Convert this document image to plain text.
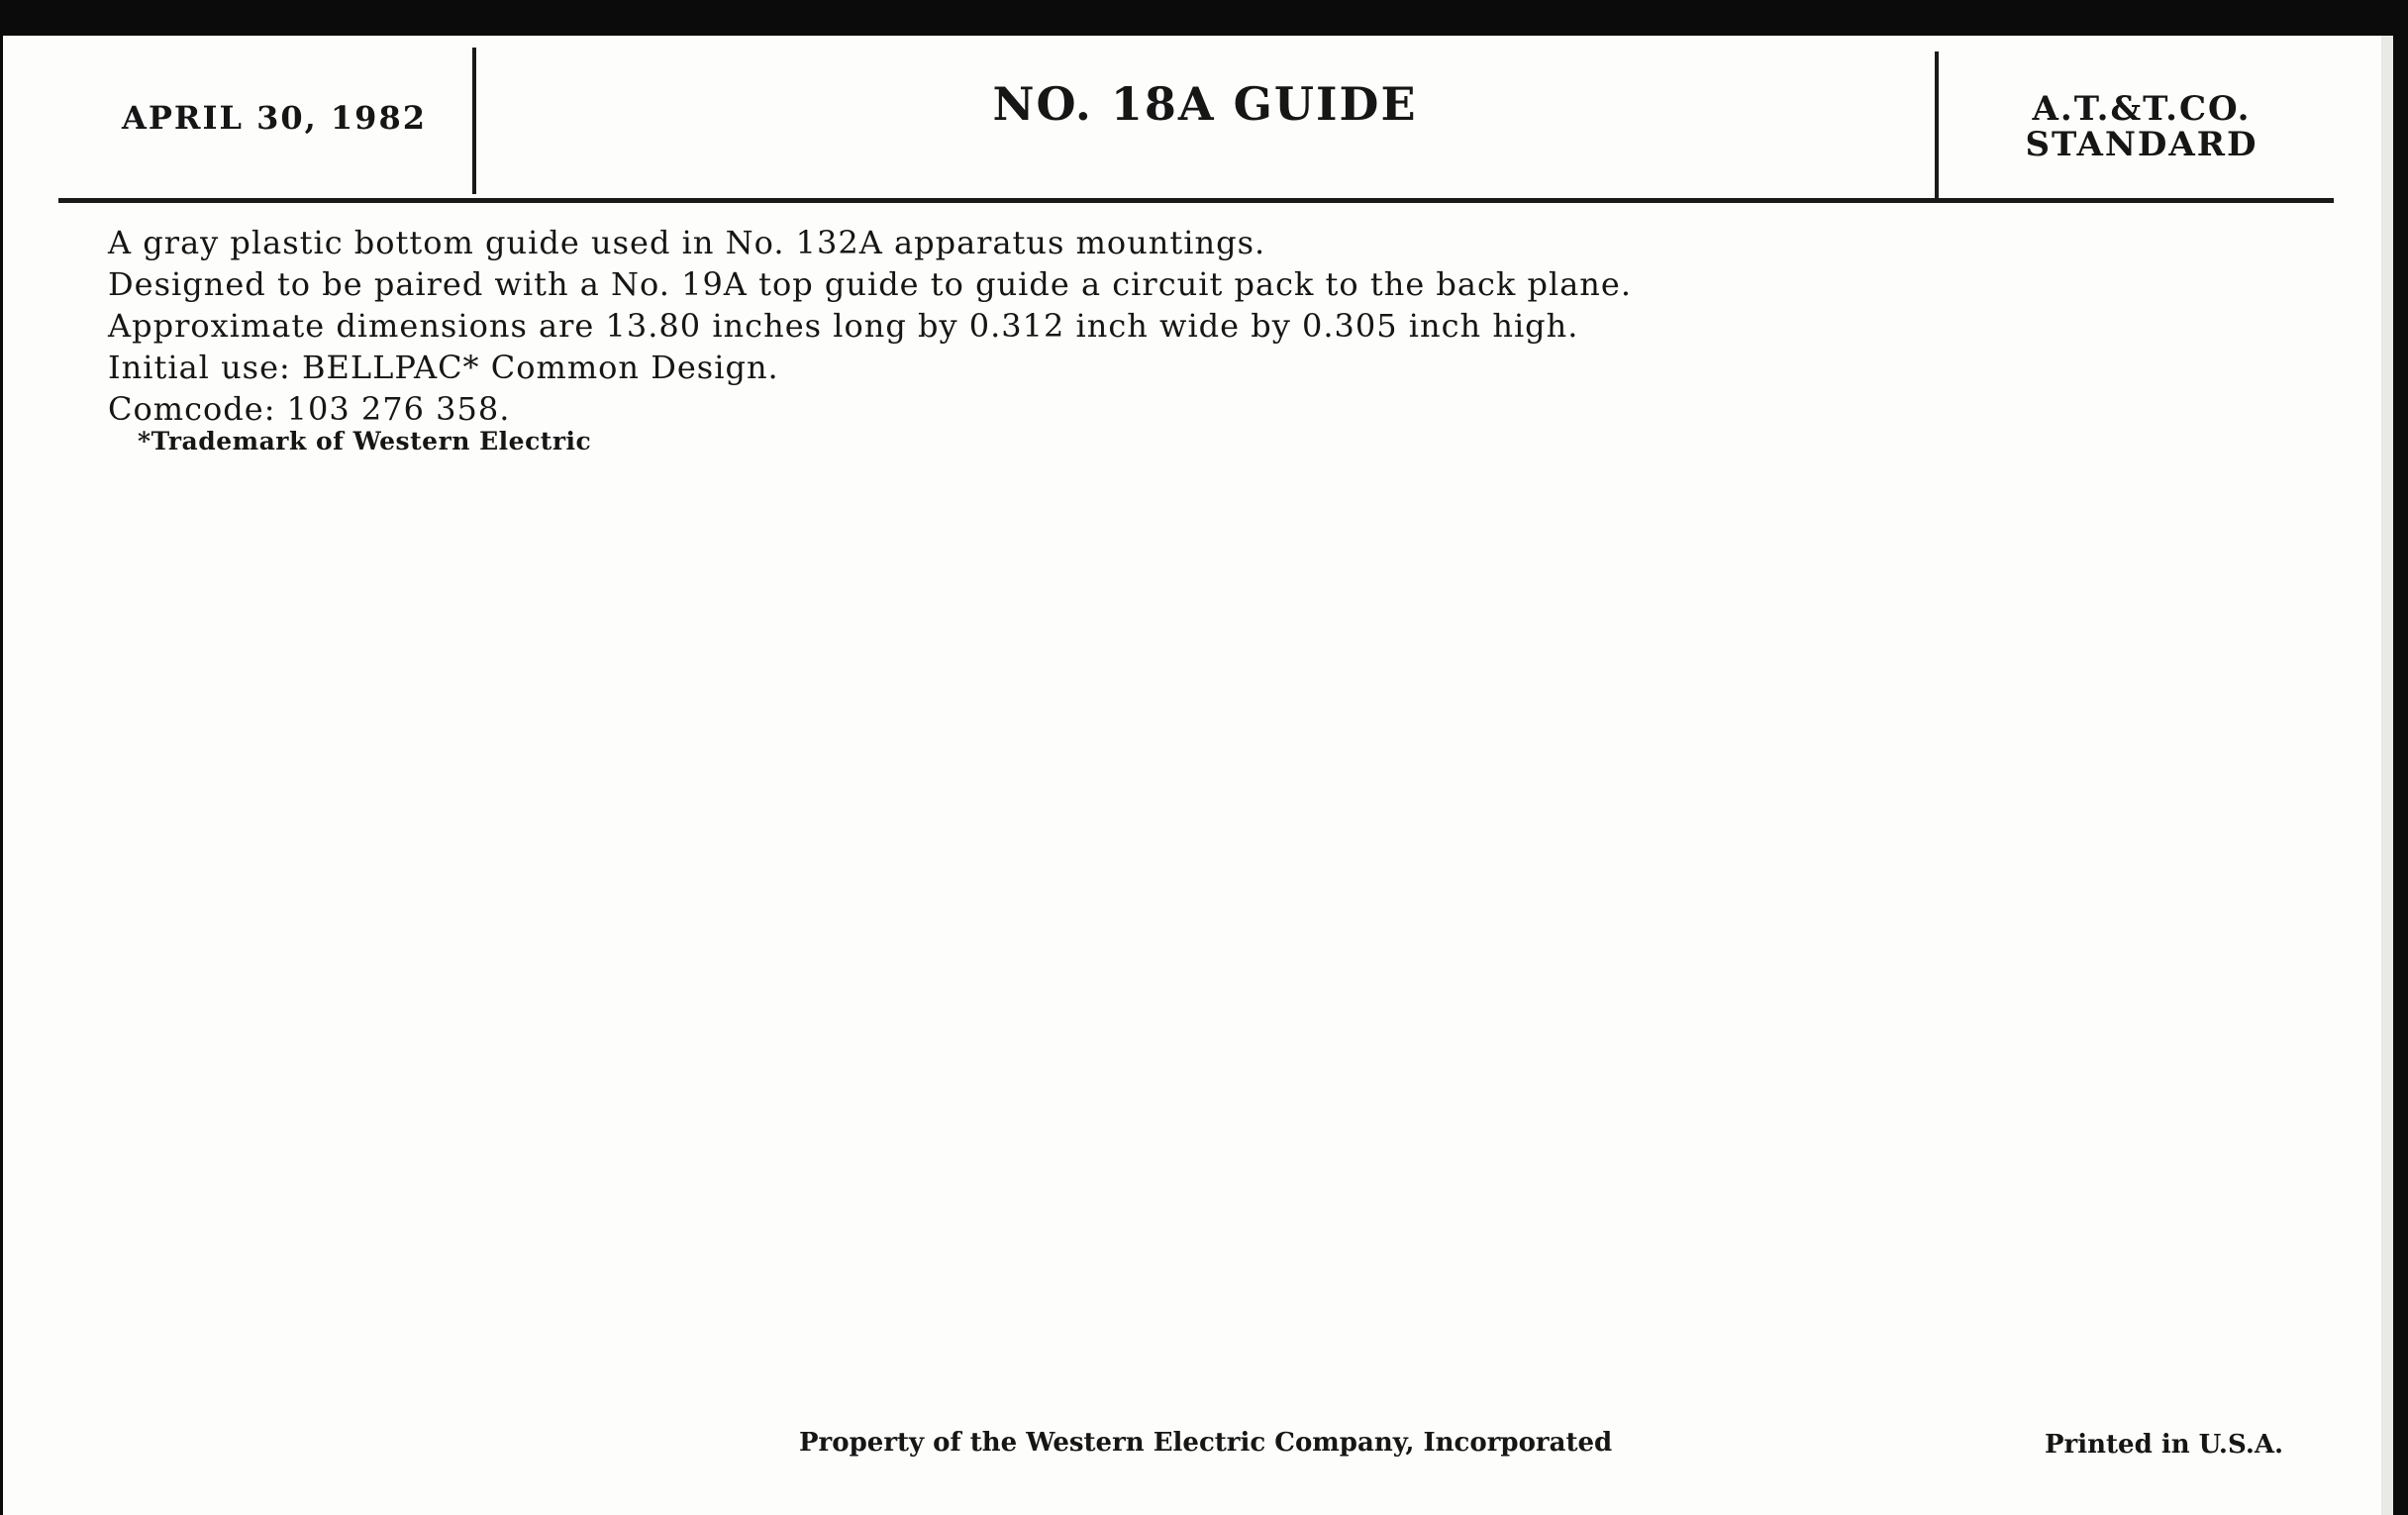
APRIL 30, 1982	NO. 18A GUIDE	A.T.&T.CO.
STANDARD
A gray plastic bottom guide used in No. 132A apparatus mountings.
Designed to be paired with a No. 19A top guide to guide a circuit pack to the back plane.
Approximate dimensions are 13.80 inches long by 0.312 inch wide by 0.305 inch high.
Initial use: BELLPAC* Common Design.
Comcode: 103 276 358.
*Trademark of Western Electric
Property of the Western Electric Company, Incorporated	Printed in U.S.A.
